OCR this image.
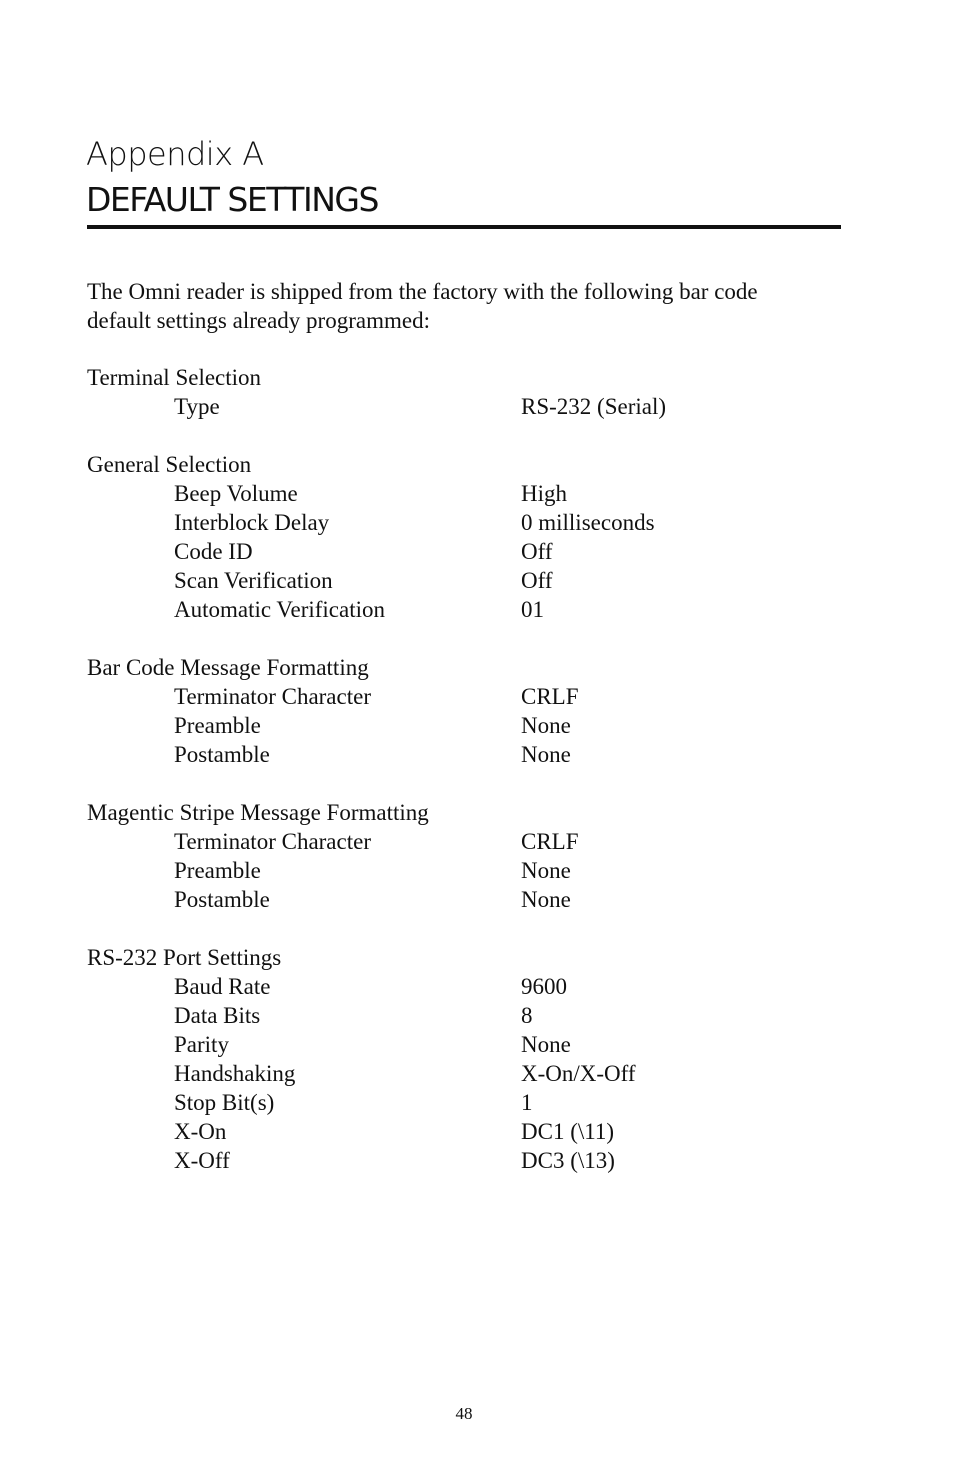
Appendix A
DEFAULT SETTINGS

The Omni reader is shipped from the factory with the following bar code default settings already programmed:

Terminal Selection
Type	RS-232 (Serial)
General Selection
Beep Volume	High
Interblock Delay	0 milliseconds
Code ID	Off
Scan Verification	Off
Automatic Verification	01
Bar Code Message Formatting
Terminator Character	CRLF
Preamble	None
Postamble	None
Magentic Stripe Message Formatting
Terminator Character	CRLF
Preamble	None
Postamble	None
RS-232 Port Settings
Baud Rate	9600
Data Bits	8
Parity	None
Handshaking	X-On/X-Off
Stop Bit(s)	1
X-On	DC1 (\11)
X-Off	DC3 (\13)
48
